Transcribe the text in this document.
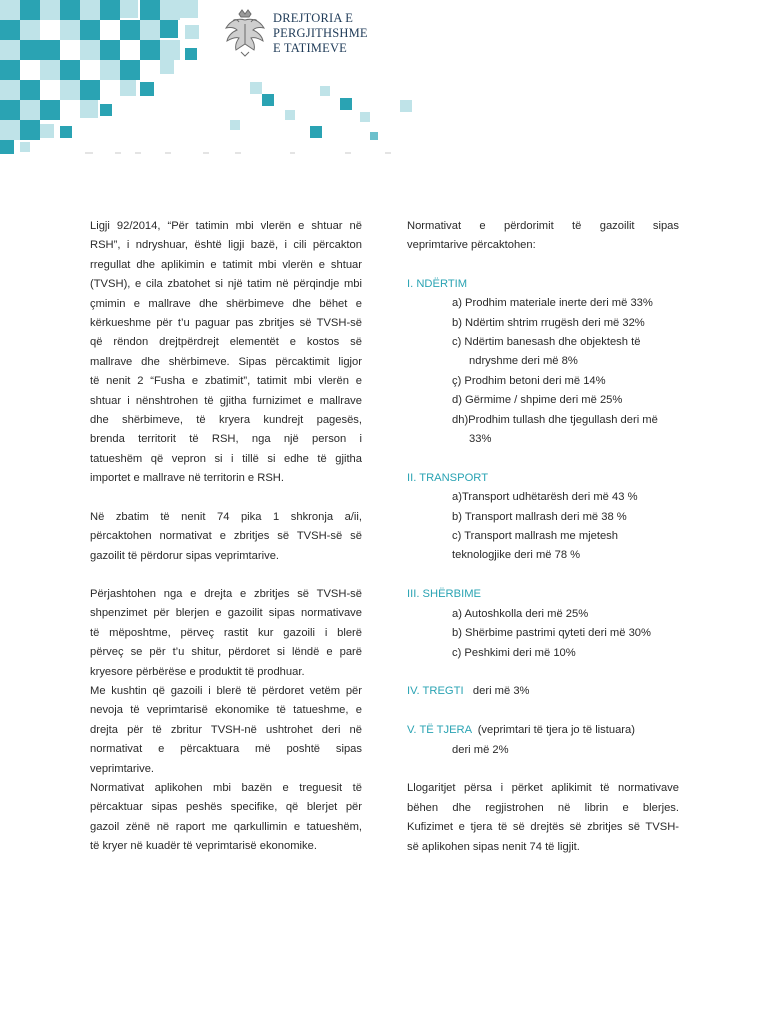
DREJTORIA E
PERGJITHSHME
E TATIMEVE
Ligji 92/2014, “Për tatimin mbi vlerën e shtuar në
RSH”, i ndryshuar, është ligji bazë, i cili përcakton
rregullat dhe aplikimin e tatimit mbi vlerën e shtuar
(TVSH), e cila zbatohet si një tatim në përqindje mbi
çmimin e mallrave dhe shërbimeve dhe bëhet e
kërkueshme për t’u paguar pas zbritjes së TVSH-së
që rëndon drejtpërdrejt elementët e kostos së
mallrave dhe shërbimeve. Sipas përcaktimit ligjor
të nenit 2 “Fusha e zbatimit”, tatimit mbi vlerën e
shtuar i nënshtrohen të gjitha furnizimet e mallrave
dhe shërbimeve, të kryera kundrejt pagesës,
brenda territorit të RSH, nga një person i
tatueshëm që vepron si i tillë si edhe të gjitha
importet e mallrave në territorin e RSH.
Në zbatim të nenit 74 pika 1 shkronja a/ii,
përcaktohen normativat e zbritjes së TVSH-së së
gazoilit të përdorur sipas veprimtarive.
Përjashtohen nga e drejta e zbritjes së TVSH-së
shpenzimet për blerjen e gazoilit sipas normativave
të mëposhtme, përveç rastit kur gazoili i blerë
përveç se për t’u shitur, përdoret si lëndë e parë
kryesore përbërëse e produktit të prodhuar.
Me kushtin që gazoili i blerë të përdoret vetëm për
nevoja të veprimtarisë ekonomike të tatueshme, e
drejta për të zbritur TVSH-në ushtrohet deri në
normativat e përcaktuara më poshtë sipas
veprimtarive.
Normativat aplikohen mbi bazën e treguesit të
përcaktuar sipas peshës specifike, që blerjet për
gazoil zënë në raport me qarkullimin e tatueshëm,
të kryer në kuadër të veprimtarisë ekonomike.
Normativat e përdorimit të gazoilit sipas
veprimtarive përcaktohen:
I. NDËRTIM
a) Prodhim materiale inerte deri më 33%
b) Ndërtim shtrim rrugësh deri më 32%
c) Ndërtim banesash dhe objektesh të
ndryshme deri më 8%
ç) Prodhim betoni deri më 14%
d) Gërmime / shpime deri më 25%
dh)Prodhim tullash dhe tjegullash deri më
33%
II. TRANSPORT
a)Transport udhëtarësh deri më 43 %
b) Transport mallrash deri më 38 %
c) Transport mallrash me mjetesh
teknologjike deri më 78 %
III. SHËRBIME
a) Autoshkolla deri më 25%
b) Shërbime pastrimi qyteti deri më 30%
c) Peshkimi deri më 10%
IV. TREGTI deri më 3%
V. TË TJERA (veprimtari të tjera jo të listuara)
deri më 2%
Llogaritjet përsa i përket aplikimit të normativave
bëhen dhe regjistrohen në librin e blerjes.
Kufizimet e tjera të së drejtës së zbritjes së TVSH-
së aplikohen sipas nenit 74 të ligjit.
